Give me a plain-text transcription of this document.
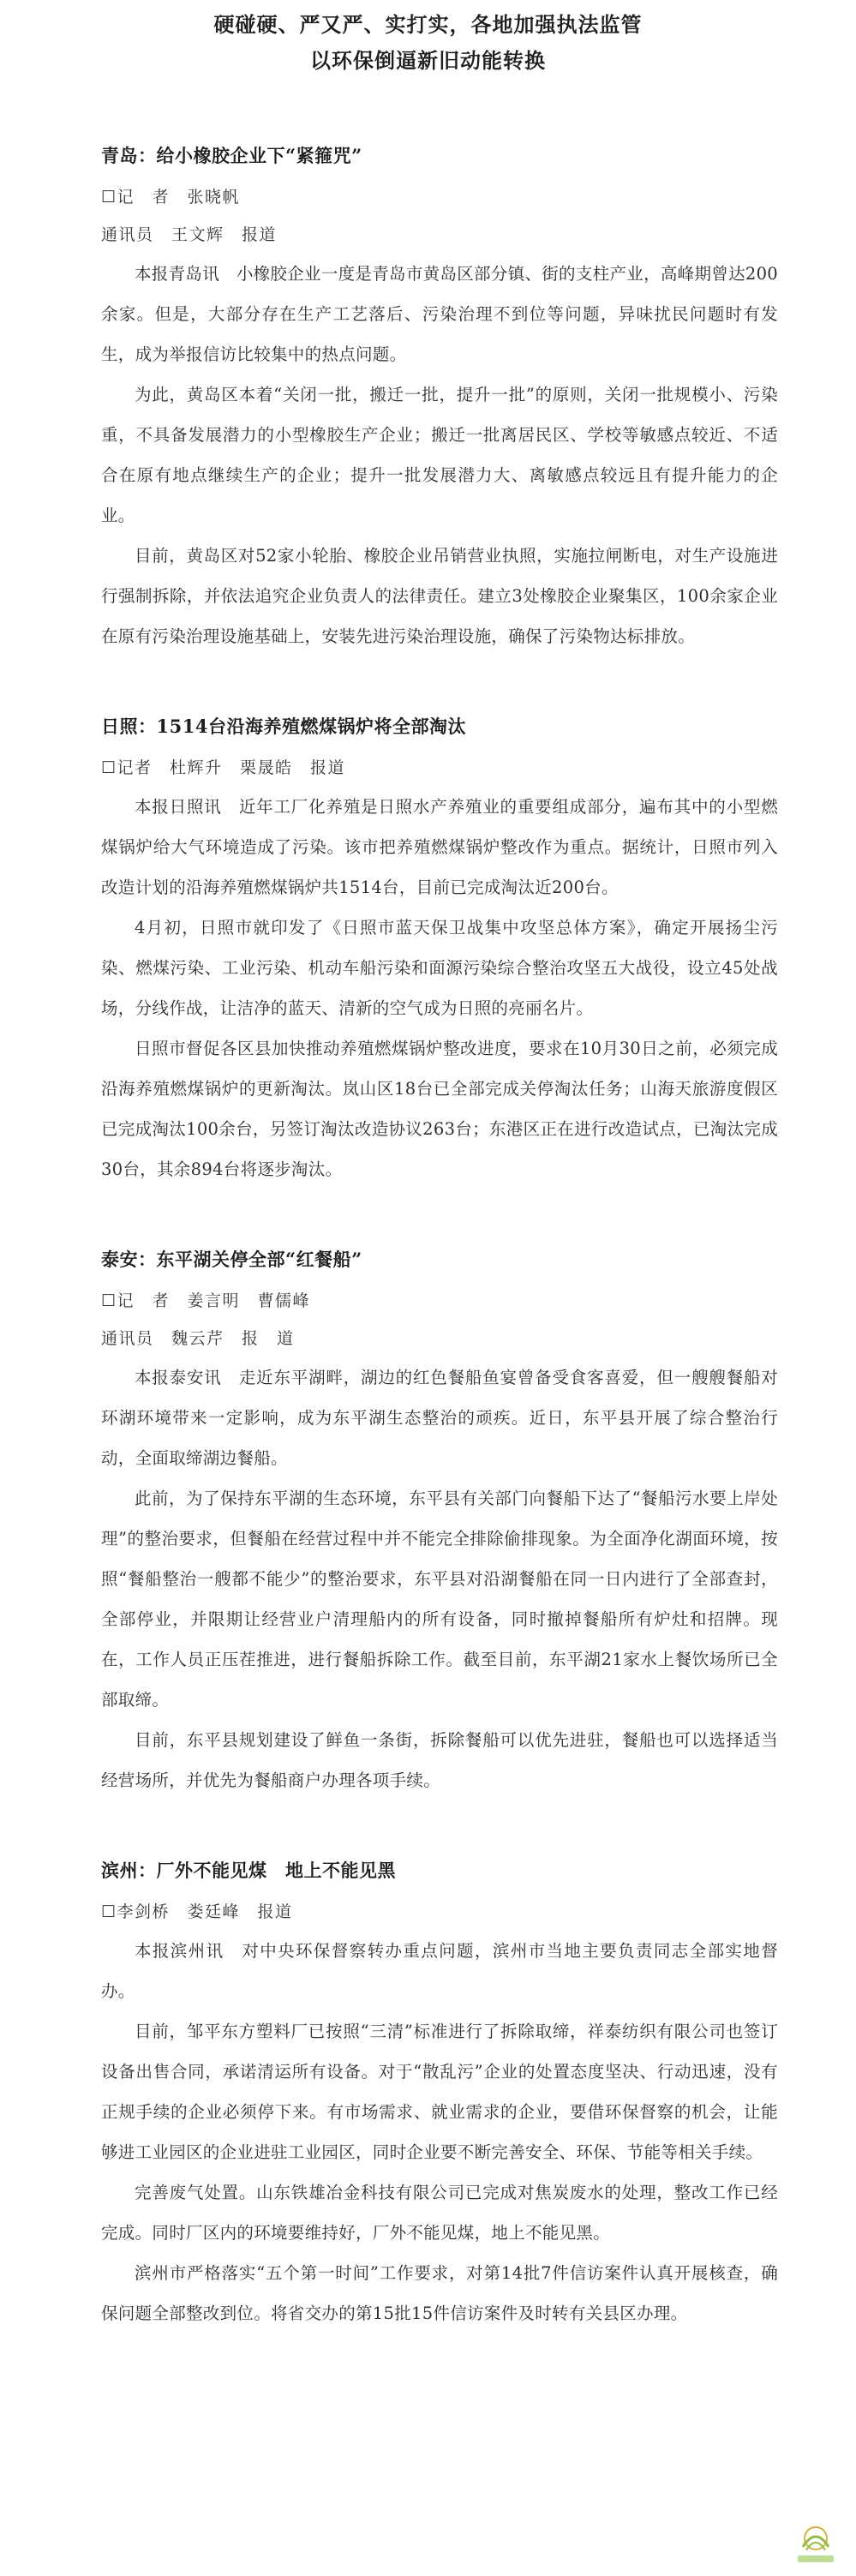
硬碰硬、严又严、实打实，各地加强执法监管
以环保倒逼新旧动能转换
青岛：给小橡胶企业下“紧箍咒”
☐记　者　张晓帆
通讯员　王文辉　报道

本报青岛讯　小橡胶企业一度是青岛市黄岛区部分镇、街的支柱产业，高峰期曾达200余家。但是，大部分存在生产工艺落后、污染治理不到位等问题，异味扰民问题时有发生，成为举报信访比较集中的热点问题。

为此，黄岛区本着“关闭一批，搬迁一批，提升一批”的原则，关闭一批规模小、污染重，不具备发展潜力的小型橡胶生产企业；搬迁一批离居民区、学校等敏感点较近、不适合在原有地点继续生产的企业；提升一批发展潜力大、离敏感点较远且有提升能力的企业。

目前，黄岛区对52家小轮胎、橡胶企业吊销营业执照，实施拉闸断电，对生产设施进行强制拆除，并依法追究企业负责人的法律责任。建立3处橡胶企业聚集区，100余家企业在原有污染治理设施基础上，安装先进污染治理设施，确保了污染物达标排放。

日照：1514台沿海养殖燃煤锅炉将全部淘汰
☐记者　杜辉升　栗晟皓　报道

本报日照讯　近年工厂化养殖是日照水产养殖业的重要组成部分，遍布其中的小型燃煤锅炉给大气环境造成了污染。该市把养殖燃煤锅炉整改作为重点。据统计，日照市列入改造计划的沿海养殖燃煤锅炉共1514台，目前已完成淘汰近200台。

4月初，日照市就印发了《日照市蓝天保卫战集中攻坚总体方案》，确定开展扬尘污染、燃煤污染、工业污染、机动车船污染和面源污染综合整治攻坚五大战役，设立45处战场，分线作战，让洁净的蓝天、清新的空气成为日照的亮丽名片。

日照市督促各区县加快推动养殖燃煤锅炉整改进度，要求在10月30日之前，必须完成沿海养殖燃煤锅炉的更新淘汰。岚山区18台已全部完成关停淘汰任务；山海天旅游度假区已完成淘汰100余台，另签订淘汰改造协议263台；东港区正在进行改造试点，已淘汰完成30台，其余894台将逐步淘汰。

泰安：东平湖关停全部“红餐船”
☐记　者　姜言明　曹儒峰
通讯员　魏云芹　报　道

本报泰安讯　走近东平湖畔，湖边的红色餐船鱼宴曾备受食客喜爱，但一艘艘餐船对环湖环境带来一定影响，成为东平湖生态整治的顽疾。近日，东平县开展了综合整治行动，全面取缔湖边餐船。

此前，为了保持东平湖的生态环境，东平县有关部门向餐船下达了“餐船污水要上岸处理”的整治要求，但餐船在经营过程中并不能完全排除偷排现象。为全面净化湖面环境，按照“餐船整治一艘都不能少”的整治要求，东平县对沿湖餐船在同一日内进行了全部查封，全部停业，并限期让经营业户清理船内的所有设备，同时撤掉餐船所有炉灶和招牌。现在，工作人员正压茬推进，进行餐船拆除工作。截至目前，东平湖21家水上餐饮场所已全部取缔。

目前，东平县规划建设了鲜鱼一条街，拆除餐船可以优先进驻，餐船也可以选择适当经营场所，并优先为餐船商户办理各项手续。

滨州：厂外不能见煤　地上不能见黑
☐李剑桥　娄廷峰　报道

本报滨州讯　对中央环保督察转办重点问题，滨州市当地主要负责同志全部实地督办。

目前，邹平东方塑料厂已按照“三清”标准进行了拆除取缔，祥泰纺织有限公司也签订设备出售合同，承诺清运所有设备。对于“散乱污”企业的处置态度坚决、行动迅速，没有正规手续的企业必须停下来。有市场需求、就业需求的企业，要借环保督察的机会，让能够进工业园区的企业进驻工业园区，同时企业要不断完善安全、环保、节能等相关手续。

完善废气处置。山东铁雄冶金科技有限公司已完成对焦炭废水的处理，整改工作已经完成。同时厂区内的环境要维持好，厂外不能见煤，地上不能见黑。

滨州市严格落实“五个第一时间”工作要求，对第14批7件信访案件认真开展核查，确保问题全部整改到位。将省交办的第15批15件信访案件及时转有关县区办理。
